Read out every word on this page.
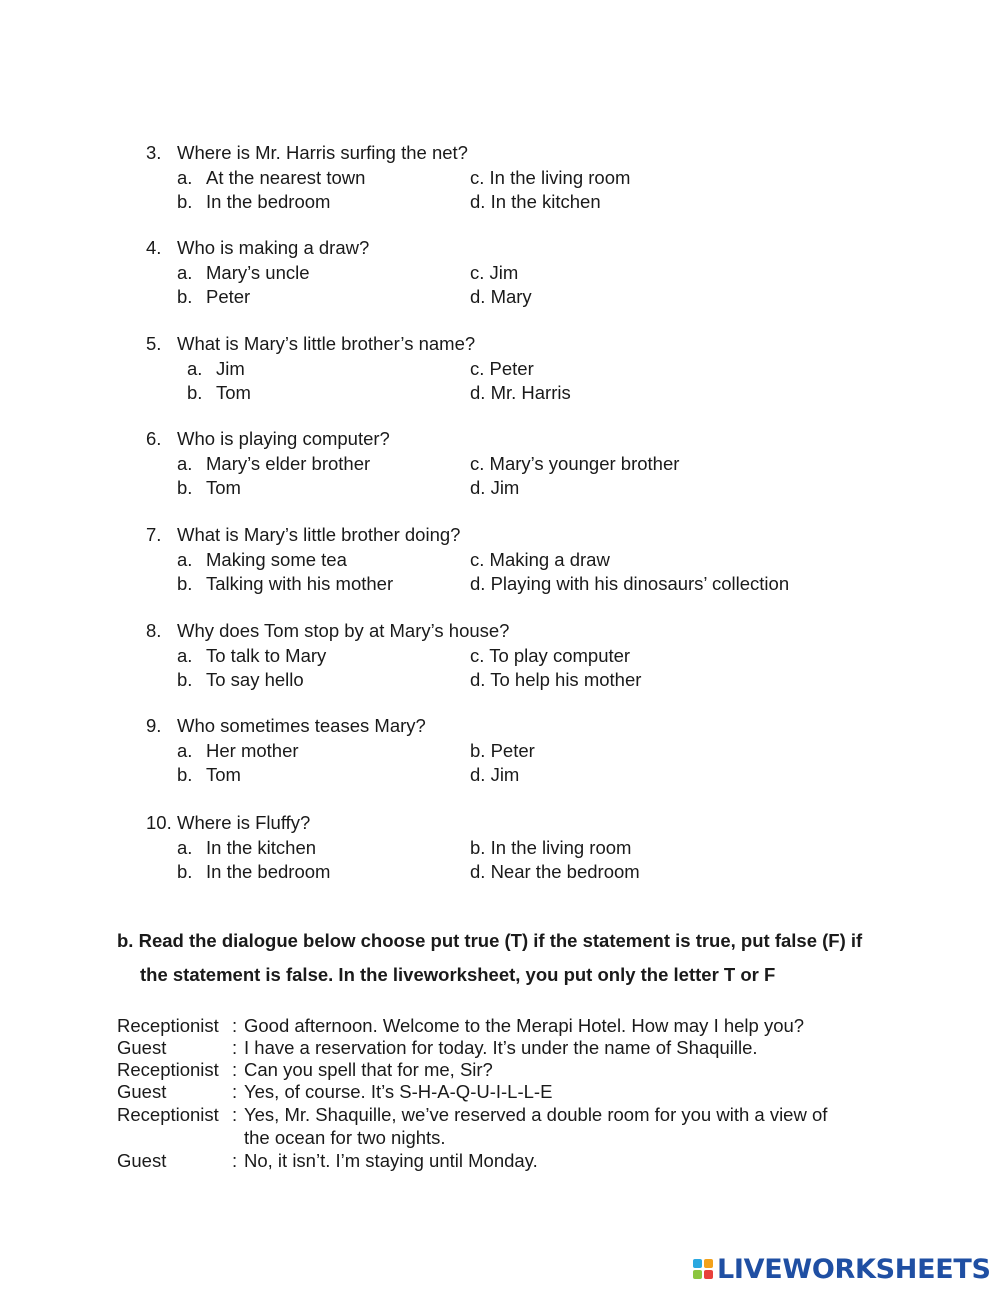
3. Where is Mr. Harris surfing the net?
a. At the nearest town
b. In the bedroom
c. In the living room
d. In the kitchen
4. Who is making a draw?
a. Mary’s uncle
b. Peter
c. Jim
d. Mary
5. What is Mary’s little brother’s name?
a. Jim
b. Tom
c. Peter
d. Mr. Harris
6. Who is playing computer?
a. Mary’s elder brother
b. Tom
c. Mary’s younger brother
d. Jim
7. What is Mary’s little brother doing?
a. Making some tea
b. Talking with his mother
c. Making a draw
d. Playing with his dinosaurs’ collection
8. Why does Tom stop by at Mary’s house?
a. To talk to Mary
b. To say hello
c. To play computer
d. To help his mother
9. Who sometimes teases Mary?
a. Her mother
b. Tom
b. Peter
d. Jim
10. Where is Fluffy?
a. In the kitchen
b. In the bedroom
b. In the living room
d. Near the bedroom
b. Read the dialogue below choose put true (T) if the statement is true, put false (F) if
the statement is false. In the liveworksheet, you put only the letter T or F
Receptionist : Good afternoon. Welcome to the Merapi Hotel. How may I help you?
Guest	: I have a reservation for today. It’s under the name of Shaquille.
Receptionist : Can you spell that for me, Sir?
Guest	: Yes, of course. It’s S-H-A-Q-U-I-L-L-E
Receptionist : Yes, Mr. Shaquille, we’ve reserved a double room for you with a view of
the ocean for two nights.
Guest	: No, it isn’t. I’m staying until Monday.
LIVEWORKSHEETS
